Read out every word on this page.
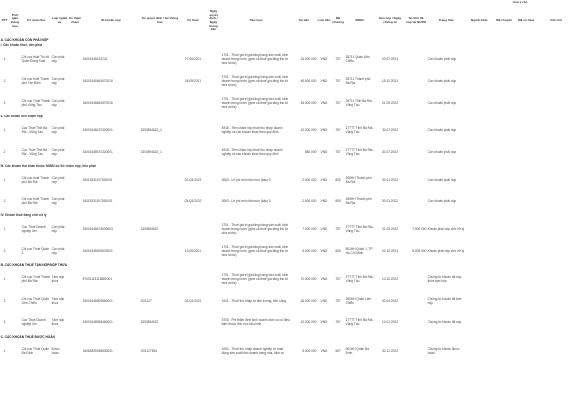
																	Góp ý cho			
STT	Thời gian thông báo	Cơ quan thu	Loại nghĩa vụ	Số tham chiếu	ID khoản nộp	Số quyết định / Số thông báo	Kỳ thuế	Ngày quyết định / Ngày thông báo	Tiểu mục	Số tiền	Loại tiền	Mã chương	ĐBHC	Hạn nộp / Ngày chứng từ	Số tiền đã nộp tại NHTM	Trạng thái	Người khai	Mã chuyển	Mã số thuế	Ghi chú
A. CÁC KHOẢN CÒN PHẢI NỘP																				
I. Các khoản thuế, tiền phạt																				
1		Chi cục thuế Thị xã Quận Đồng Xoài	Còn phải nộp		34001546470231		07-06/2021		1701 - Thuế giá trị gia tăng hàng sản xuất, kinh doanh trong nước (gồm cả thuế gia tăng thu từ nhà nước)	15.000.000	VND	757	28711 Quận Liên Chiểu	20.07.2021		Còn khoản phải nộp				
2		Chi cục thuế Thành phố Tân Biên	Còn phải nộp		34001548464570215		06-09/2021		1701 - Thuế giá trị gia tăng hàng sản xuất, kinh doanh trong nước (gồm cả thuế gia tăng thu từ nhà nước)	45.000.000	VND	757	25711 Thành phố Bà Rịa	15.10.2021		Còn khoản phải nộp				
3		Chi cục Thuế Thành phố Vũng Tàu	Còn phải nộp		34001548464570216				1701 - Thuế giá trị gia tăng hàng sản xuất, kinh doanh trong nước (gồm cả thuế gia tăng thu từ nhà nước)	45.000.000	VND	757	26711 Tỉnh Bà Rịa - Vũng Tàu	01.09.2022		Còn khoản phải nộp				
II. Các khoản tiền chậm nộp																				
1		Cục Thuế Tỉnh Bà Rịa - Vũng Tàu	Còn phải nộp		34001548470320001	2303894622_1			4918 - Tiền chậm nộp thuế thu nhập doanh nghiệp và các khoản khác theo quy định	10.000.000	VND	757	27TTT Tỉnh Bà Rịa - Vũng Tàu	30.07.2022		Còn khoản phải nộp				
2		Cục Thuế Tỉnh Bà Rịa - Vũng Tàu	Còn phải nộp		34001548470320001	2303894622_1			4918 - Tiền chậm nộp thuế thu nhập doanh nghiệp và các khoản khác theo quy định	850.000	VND	757	27TTT Tỉnh Bà Rịa - Vũng Tàu	30.07.2022		Còn khoản phải nộp				
III. Các khoản thu khác thuộc NSNN do Sở chậm nộp, tiền phạt																				
1		Chi cục thuế Thành phố Bà Rịa	Còn phải nộp		34015331197530001		02-Q1/2022		3063 - Lệ phí môn bài mức (bậc) 3	2.000.000	VND	805	265HH Thành phố Bà Rịa	30.01.2022		Còn khoản phải nộp				
2		Chi cục thuế Thành phố Bà Rịa	Còn phải nộp		34015331197530001		03-Q1/2022		3063 - Lệ phí môn bài mức (bậc) 3	2.000.000	VND	805	265HH Thành phố Bà Rịa	30.01.2022		Còn khoản phải nộp				
IV. Khoản thuế đang chờ xử lý																				
1		Cục Thuế Doanh nghiệp lớn	Còn phải nộp		34001548474630003	2303894622			1701 - Thuế giá trị gia tăng hàng sản xuất, kinh doanh trong nước (gồm cả thuế gia tăng thu từ nhà nước)	7.000.000	VND	757	27TTT Tỉnh Bà Rịa - Vũng Tàu	31.03.2022	7.000.000	Khoản phải nộp chờ xử lý				
2		Chi cục Thuế Quận 1	Còn phải nộp		34001548405523001		10-09/2021		1701 - Thuế giá trị gia tăng hàng sản xuất, kinh doanh trong nước (gồm cả thuế gia tăng thu từ nhà nước)	5.000.000	VND	605	801HH Quận 1, TP Hồ Chí Minh	20.10.2021	5.000.000	Khoản phải nộp chờ xử lý				
B. CÁC KHOẢN THUẾ TẠM NỘP/NỘP THỪA																				
1		Chi cục Thuế Thành phố Bà Rịa	Tạm nộp thừa		57001115115880001				1701 - Thuế giá trị gia tăng hàng sản xuất, kinh doanh trong nước (gồm cả thuế gia tăng thu từ nhà nước)	70.000.000	VND	757	27TTT Tỉnh Bà Rịa - Vũng Tàu	10.10.2022		Chứng từ khoản đã nộp thừa tạm nộp				
2		Chi cục Thuế Quận Liên Chiểu	Tạm nộp thừa		34001548309860001	G01127	03-Q1/2022		1001 - Thuế thu nhập từ tiền lương, tiền công	18.000.000	VND	757	265HH Quận Liên Chiểu	30.04.2022		Chứng từ khoản đã tạm nộp				
3		Cục Thuế Doanh nghiệp lớn	Tạm nộp thừa		34001548398460001	2303894622			3705 - Phí thẩm định kinh doanh dịch vụ có điều kiện thuộc lĩnh vực tài chính	10.000.000	VND	757	27TTT Tỉnh Bà Rịa - Vũng Tàu	10.01.2022		Chứng từ khoản đã nộp				
C. CÁC KHOẢN THUẾ ĐƯỢC HOÀN																				
1		Chi cục Thuế Quận Ba Đình	Được hoàn		34063839338630001	G01127834			1052 - Thuế thu nhập doanh nghiệp từ hoạt động sản xuất kinh doanh hàng hóa, dịch vụ	5.000.000	VND	557	001HH Quận Ba Đình	30.12.2022		Chứng từ khoản được hoàn				
